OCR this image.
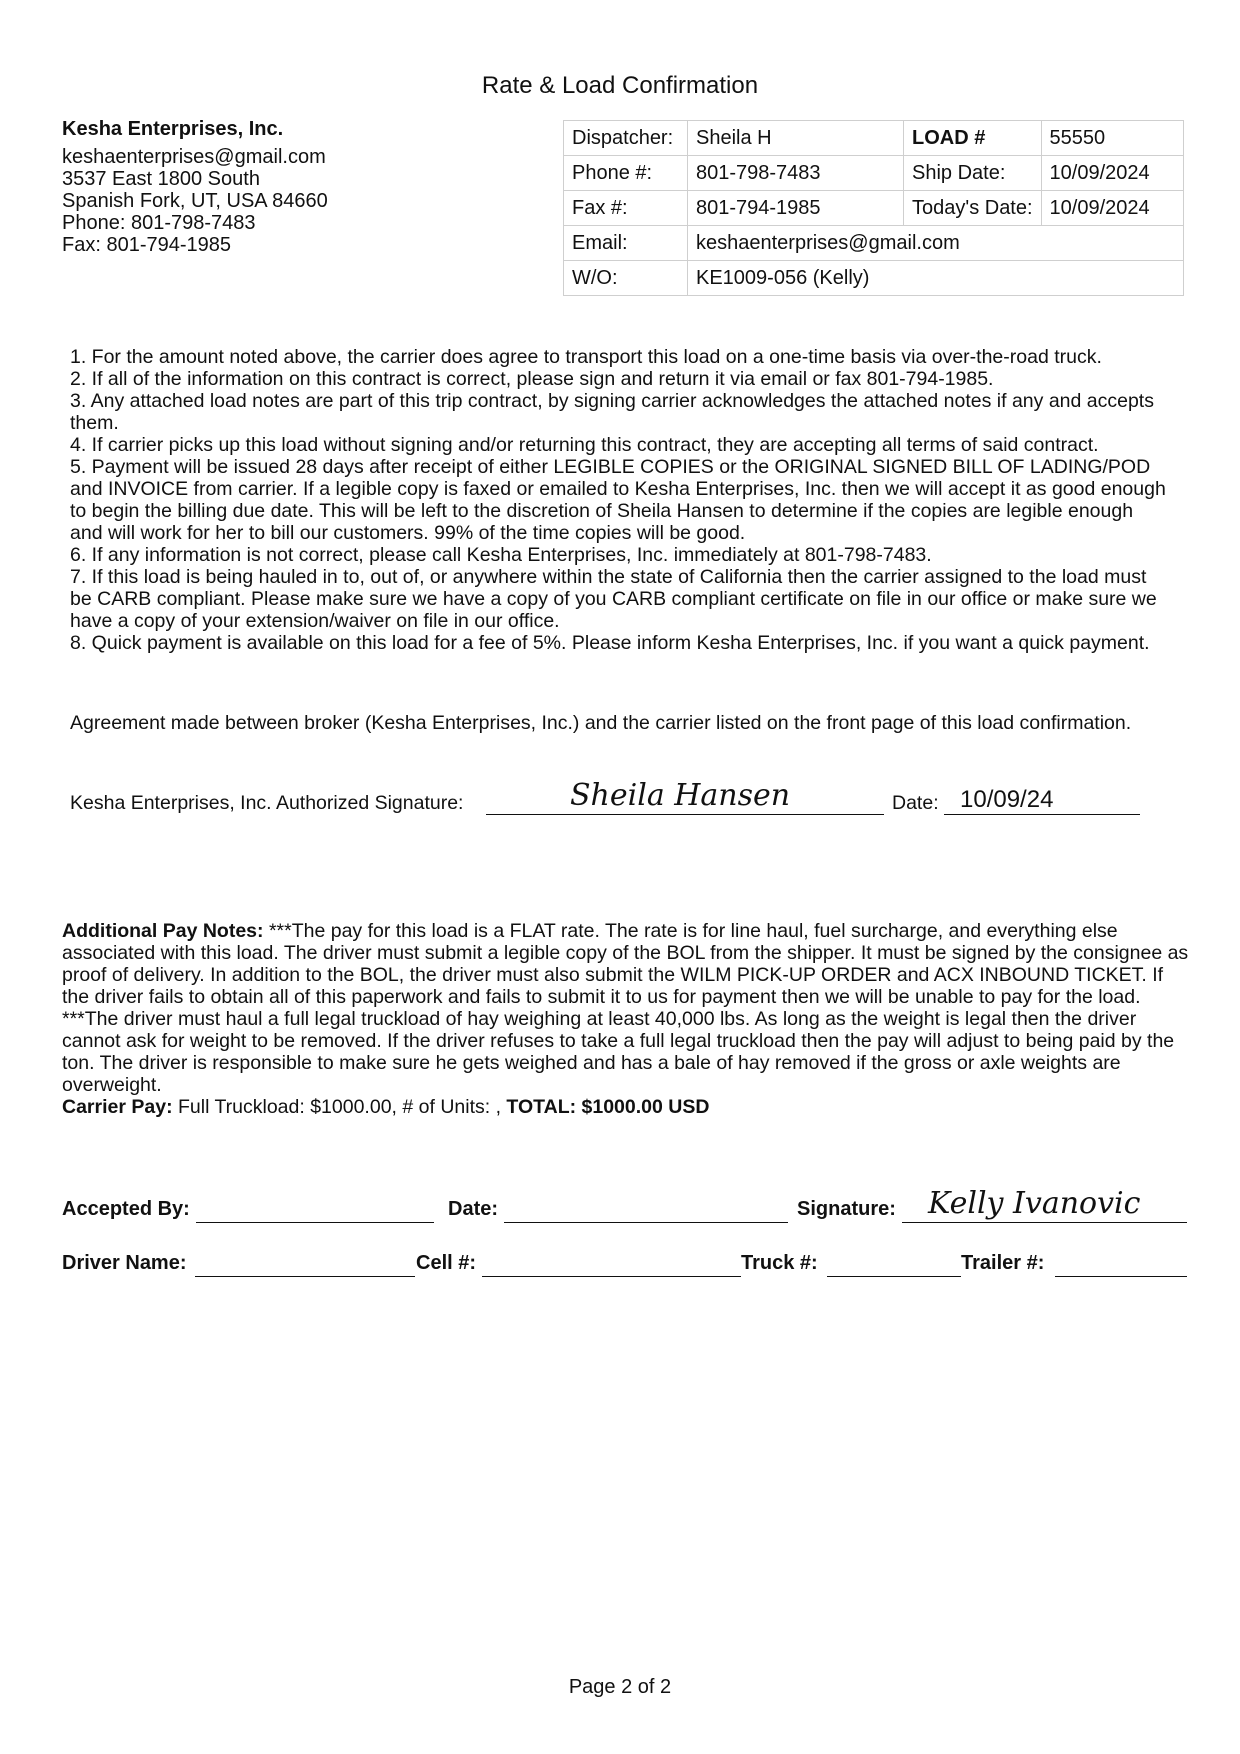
Rate & Load Confirmation
Kesha Enterprises, Inc.
keshaenterprises@gmail.com
3537 East 1800 South
Spanish Fork, UT, USA 84660
Phone: 801-798-7483
Fax: 801-794-1985
Dispatcher:	Sheila H	LOAD #	55550
Phone #:	801-798-7483	Ship Date:	10/09/2024
Fax #:	801-794-1985	Today's Date:	10/09/2024
Email:	keshaenterprises@gmail.com		
W/O:	KE1009-056 (Kelly)		
1. For the amount noted above, the carrier does agree to transport this load on a one-time basis via over-the-road truck.
2. If all of the information on this contract is correct, please sign and return it via email or fax 801-794-1985.
3. Any attached load notes are part of this trip contract, by signing carrier acknowledges the attached notes if any and accepts them.
4. If carrier picks up this load without signing and/or returning this contract, they are accepting all terms of said contract.
5. Payment will be issued 28 days after receipt of either LEGIBLE COPIES or the ORIGINAL SIGNED BILL OF LADING/POD and INVOICE from carrier. If a legible copy is faxed or emailed to Kesha Enterprises, Inc. then we will accept it as good enough to begin the billing due date. This will be left to the discretion of Sheila Hansen to determine if the copies are legible enough and will work for her to bill our customers. 99% of the time copies will be good.
6. If any information is not correct, please call Kesha Enterprises, Inc. immediately at 801-798-7483.
7. If this load is being hauled in to, out of, or anywhere within the state of California then the carrier assigned to the load must be CARB compliant. Please make sure we have a copy of you CARB compliant certificate on file in our office or make sure we have a copy of your extension/waiver on file in our office.
8. Quick payment is available on this load for a fee of 5%. Please inform Kesha Enterprises, Inc. if you want a quick payment.
Agreement made between broker (Kesha Enterprises, Inc.) and the carrier listed on the front page of this load confirmation.
Kesha Enterprises, Inc. Authorized Signature:	Sheila Hansen	Date: 10/09/24
Additional Pay Notes: ***The pay for this load is a FLAT rate. The rate is for line haul, fuel surcharge, and everything else associated with this load. The driver must submit a legible copy of the BOL from the shipper. It must be signed by the consignee as proof of delivery. In addition to the BOL, the driver must also submit the WILM PICK-UP ORDER and ACX INBOUND TICKET. If the driver fails to obtain all of this paperwork and fails to submit it to us for payment then we will be unable to pay for the load.
***The driver must haul a full legal truckload of hay weighing at least 40,000 lbs. As long as the weight is legal then the driver cannot ask for weight to be removed. If the driver refuses to take a full legal truckload then the pay will adjust to being paid by the ton. The driver is responsible to make sure he gets weighed and has a bale of hay removed if the gross or axle weights are overweight.
Carrier Pay: Full Truckload: $1000.00, # of Units: , TOTAL: $1000.00 USD
Accepted By:	Date:	Signature: Kelly Ivanovic
Driver Name:	Cell #:	Truck #:	Trailer #:
Page 2 of 2
